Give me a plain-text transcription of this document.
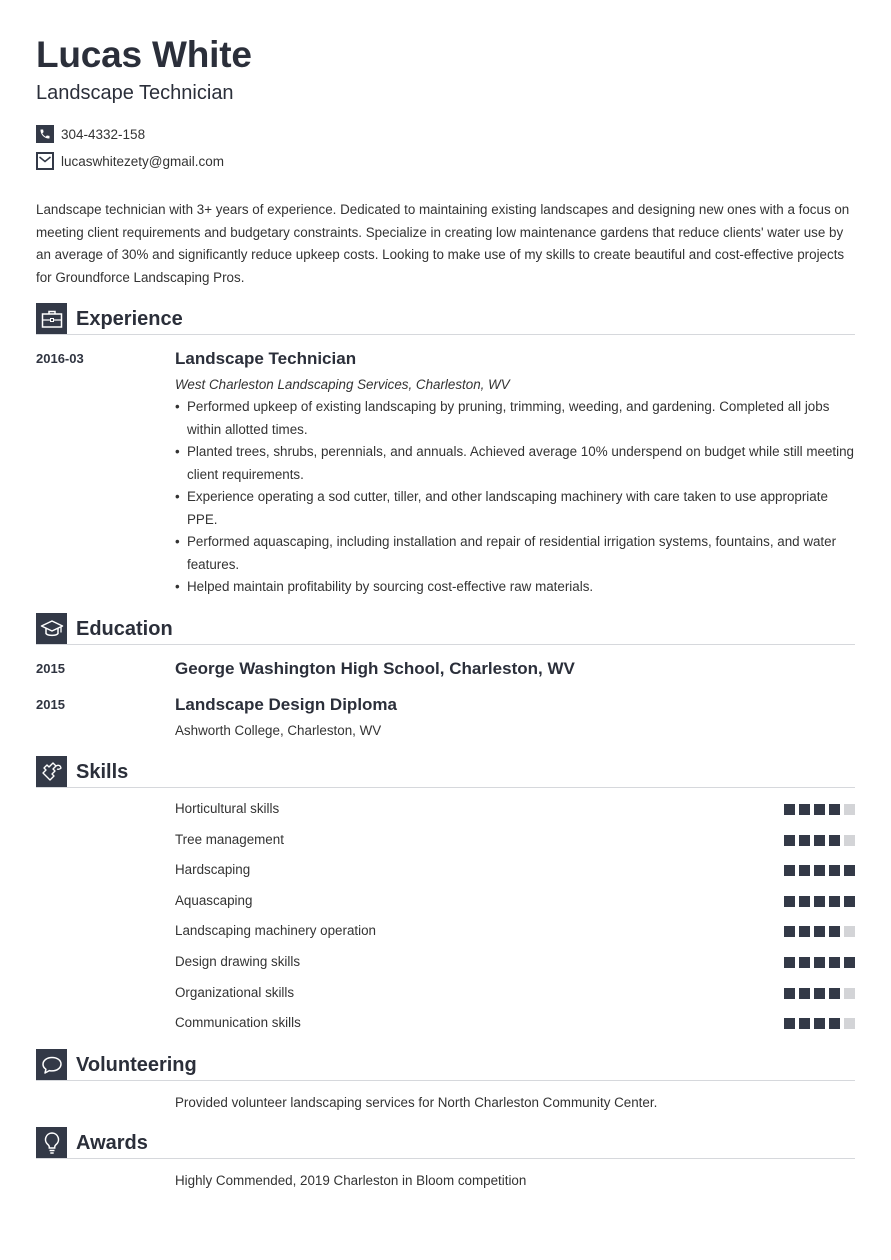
Lucas White
Landscape Technician
304-4332-158
lucaswhitezety@gmail.com

Landscape technician with 3+ years of experience. Dedicated to maintaining existing landscapes and designing new ones with a focus on meeting client requirements and budgetary constraints. Specialize in creating low maintenance gardens that reduce clients' water use by an average of 30% and significantly reduce upkeep costs. Looking to make use of my skills to create beautiful and cost-effective projects for Groundforce Landscaping Pros.

Experience
2016-03	Landscape Technician
West Charleston Landscaping Services, Charleston, WV
• Performed upkeep of existing landscaping by pruning, trimming, weeding, and gardening. Completed all jobs within allotted times.
• Planted trees, shrubs, perennials, and annuals. Achieved average 10% underspend on budget while still meeting client requirements.
• Experience operating a sod cutter, tiller, and other landscaping machinery with care taken to use appropriate PPE.
• Performed aquascaping, including installation and repair of residential irrigation systems, fountains, and water features.
• Helped maintain profitability by sourcing cost-effective raw materials.
Education
2015	George Washington High School, Charleston, WV
2015	Landscape Design Diploma
Ashworth College, Charleston, WV
Skills
Horticultural skills
Tree management
Hardscaping
Aquascaping
Landscaping machinery operation
Design drawing skills
Organizational skills
Communication skills
Volunteering
Provided volunteer landscaping services for North Charleston Community Center.
Awards
Highly Commended, 2019 Charleston in Bloom competition
